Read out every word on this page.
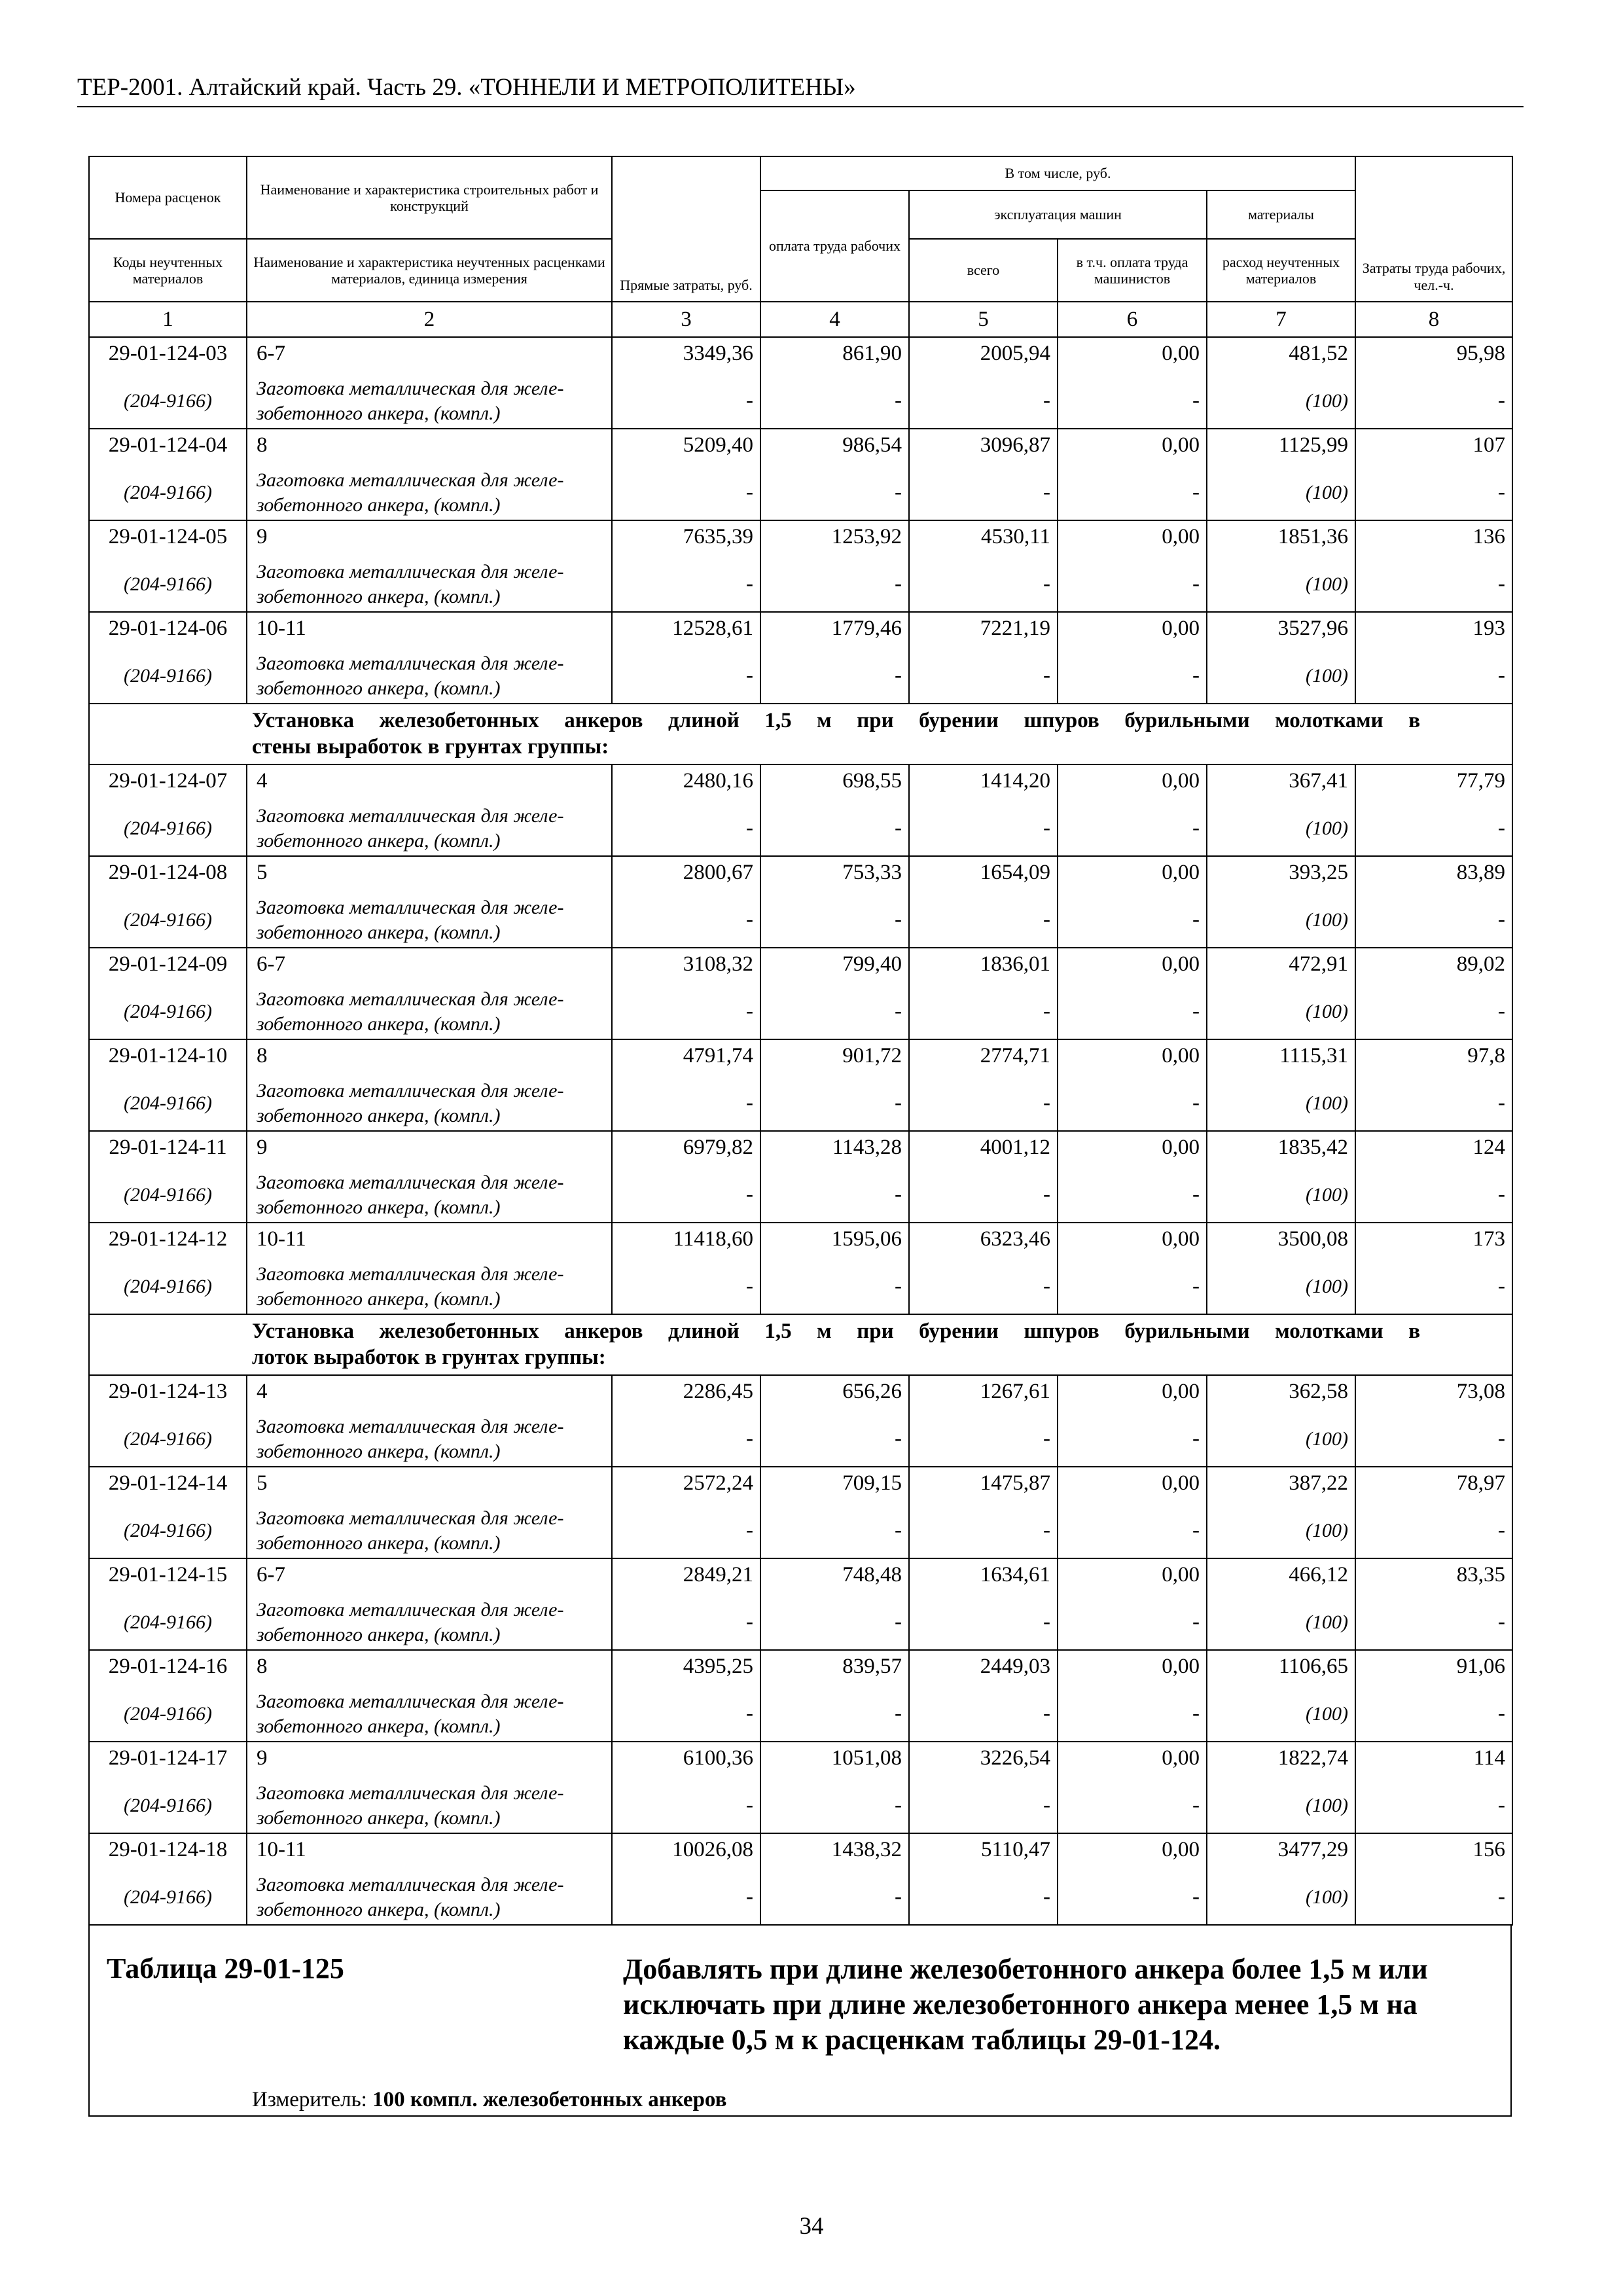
ТЕР-2001. Алтайский край. Часть 29. «ТОННЕЛИ И МЕТРОПОЛИТЕНЫ»
Номера расценок	Наименование и характеристика строительных работ и конструкций	Прямые затраты, руб.	В том числе, руб.				Затраты труда рабочих, чел.-ч.
			оплата труда рабочих	эксплуатация машин		материалы	
Коды неучтенных материалов	Наименование и характеристика неучтенных расценками материалов, единица измерения			всего	в т.ч. оплата труда машинистов	расход неучтенных материалов	
1	2	3	4	5	6	7	8
29-01-124-03	6-7	3349,36	861,90	2005,94	0,00	481,52	95,98
(204-9166)	Заготовка металлическая для желе-
зобетонного анкера, (компл.)	-	-	-	-	(100)	-
29-01-124-04	8	5209,40	986,54	3096,87	0,00	1125,99	107
(204-9166)	Заготовка металлическая для желе-
зобетонного анкера, (компл.)	-	-	-	-	(100)	-
29-01-124-05	9	7635,39	1253,92	4530,11	0,00	1851,36	136
(204-9166)	Заготовка металлическая для желе-
зобетонного анкера, (компл.)	-	-	-	-	(100)	-
29-01-124-06	10-11	12528,61	1779,46	7221,19	0,00	3527,96	193
(204-9166)	Заготовка металлическая для желе-
зобетонного анкера, (компл.)	-	-	-	-	(100)	-
Установка железобетонных анкеров длиной 1,5 м при бурении шпуров бурильными молотками в
стены выработок в грунтах группы:							

29-01-124-07	4	2480,16	698,55	1414,20	0,00	367,41	77,79
(204-9166)	Заготовка металлическая для желе-
зобетонного анкера, (компл.)	-	-	-	-	(100)	-
29-01-124-08	5	2800,67	753,33	1654,09	0,00	393,25	83,89
(204-9166)	Заготовка металлическая для желе-
зобетонного анкера, (компл.)	-	-	-	-	(100)	-
29-01-124-09	6-7	3108,32	799,40	1836,01	0,00	472,91	89,02
(204-9166)	Заготовка металлическая для желе-
зобетонного анкера, (компл.)	-	-	-	-	(100)	-
29-01-124-10	8	4791,74	901,72	2774,71	0,00	1115,31	97,8
(204-9166)	Заготовка металлическая для желе-
зобетонного анкера, (компл.)	-	-	-	-	(100)	-
29-01-124-11	9	6979,82	1143,28	4001,12	0,00	1835,42	124
(204-9166)	Заготовка металлическая для желе-
зобетонного анкера, (компл.)	-	-	-	-	(100)	-
29-01-124-12	10-11	11418,60	1595,06	6323,46	0,00	3500,08	173
(204-9166)	Заготовка металлическая для желе-
зобетонного анкера, (компл.)	-	-	-	-	(100)	-
Установка железобетонных анкеров длиной 1,5 м при бурении шпуров бурильными молотками в
лоток выработок в грунтах группы:							

29-01-124-13	4	2286,45	656,26	1267,61	0,00	362,58	73,08
(204-9166)	Заготовка металлическая для желе-
зобетонного анкера, (компл.)	-	-	-	-	(100)	-
29-01-124-14	5	2572,24	709,15	1475,87	0,00	387,22	78,97
(204-9166)	Заготовка металлическая для желе-
зобетонного анкера, (компл.)	-	-	-	-	(100)	-
29-01-124-15	6-7	2849,21	748,48	1634,61	0,00	466,12	83,35
(204-9166)	Заготовка металлическая для желе-
зобетонного анкера, (компл.)	-	-	-	-	(100)	-
29-01-124-16	8	4395,25	839,57	2449,03	0,00	1106,65	91,06
(204-9166)	Заготовка металлическая для желе-
зобетонного анкера, (компл.)	-	-	-	-	(100)	-
29-01-124-17	9	6100,36	1051,08	3226,54	0,00	1822,74	114
(204-9166)	Заготовка металлическая для желе-
зобетонного анкера, (компл.)	-	-	-	-	(100)	-
29-01-124-18	10-11	10026,08	1438,32	5110,47	0,00	3477,29	156
(204-9166)	Заготовка металлическая для желе-
зобетонного анкера, (компл.)	-	-	-	-	(100)	-
Таблица 29-01-125	Добавлять при длине железобетонного анкера более 1,5 м или исключать при длине железобетонного анкера менее 1,5 м на каждые 0,5 м к расценкам таблицы 29-01-124.
Измеритель: 100 компл. железобетонных анкеров
34
